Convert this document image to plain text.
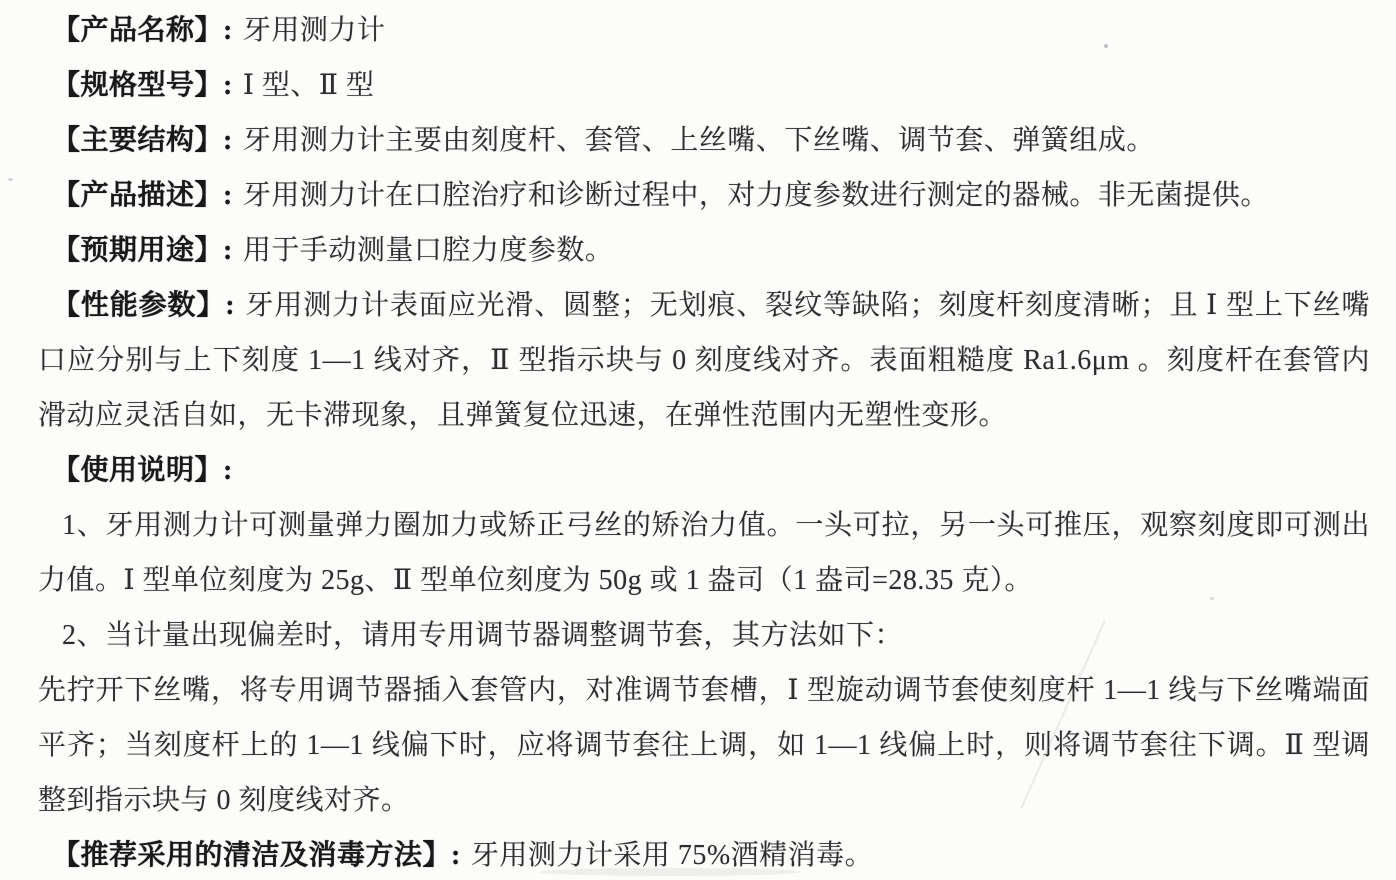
【产品名称】: 牙用测力计

【规格型号】: Ⅰ 型、Ⅱ 型

【主要结构】: 牙用测力计主要由刻度杆、套管、上丝嘴、下丝嘴、调节套、弹簧组成。

【产品描述】: 牙用测力计在口腔治疗和诊断过程中，对力度参数进行测定的器械。非无菌提供。

【预期用途】: 用于手动测量口腔力度参数。

【性能参数】: 牙用测力计表面应光滑、圆整；无划痕、裂纹等缺陷；刻度杆刻度清晰；且 Ⅰ 型上下丝嘴口应分别与上下刻度 1—1 线对齐，Ⅱ 型指示块与 0 刻度线对齐。表面粗糙度 Ra1.6μm 。刻度杆在套管内滑动应灵活自如，无卡滞现象，且弹簧复位迅速，在弹性范围内无塑性变形。

【使用说明】:

1、牙用测力计可测量弹力圈加力或矫正弓丝的矫治力值。一头可拉，另一头可推压，观察刻度即可测出力值。Ⅰ 型单位刻度为 25g、Ⅱ 型单位刻度为 50g 或 1 盎司（1 盎司=28.35 克）。

2、当计量出现偏差时，请用专用调节器调整调节套，其方法如下：

先拧开下丝嘴，将专用调节器插入套管内，对准调节套槽，Ⅰ 型旋动调节套使刻度杆 1—1 线与下丝嘴端面平齐；当刻度杆上的 1—1 线偏下时，应将调节套往上调，如 1—1 线偏上时，则将调节套往下调。Ⅱ 型调整到指示块与 0 刻度线对齐。

【推荐采用的清洁及消毒方法】: 牙用测力计采用 75%酒精消毒。
